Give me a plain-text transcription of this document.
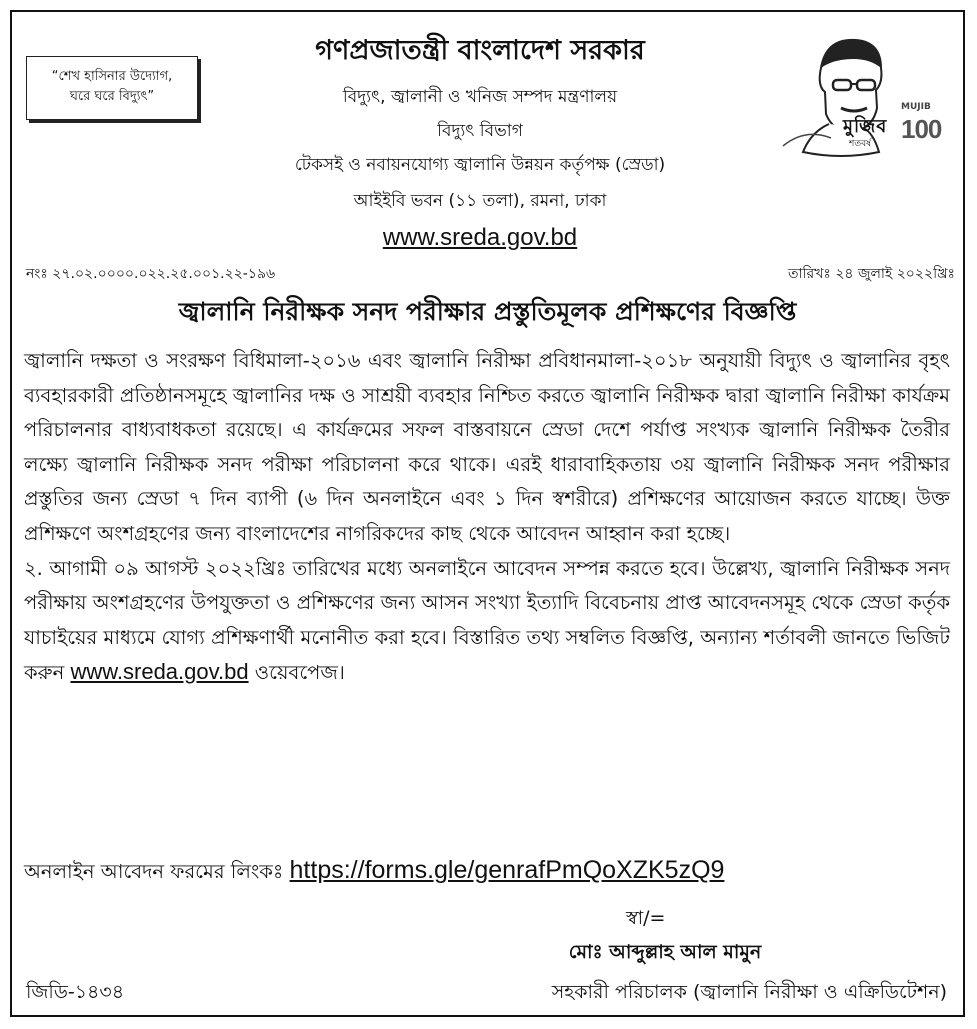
“শেখ হাসিনার উদ্যোগ,
ঘরে ঘরে বিদ্যুৎ”
মুজিব
শতবর্ষ
MUJIB
100
গণপ্রজাতন্ত্রী বাংলাদেশ সরকার
বিদ্যুৎ, জ্বালানী ও খনিজ সম্পদ মন্ত্রণালয়
বিদ্যুৎ বিভাগ
টেকসই ও নবায়নযোগ্য জ্বালানি উন্নয়ন কর্তৃপক্ষ (স্রেডা)
আইইবি ভবন (১১ তলা), রমনা, ঢাকা
www.sreda.gov.bd
নংঃ ২৭.০২.০০০০.০২২.২৫.০০১.২২-১৯৬	তারিখঃ ২৪ জুলাই ২০২২খ্রিঃ
জ্বালানি নিরীক্ষক সনদ পরীক্ষার প্রস্তুতিমূলক প্রশিক্ষণের বিজ্ঞপ্তি

জ্বালানি দক্ষতা ও সংরক্ষণ বিধিমালা-২০১৬ এবং জ্বালানি নিরীক্ষা প্রবিধানমালা-২০১৮ অনুযায়ী বিদ্যুৎ ও জ্বালানির বৃহৎ ব্যবহারকারী প্রতিষ্ঠানসমূহে জ্বালানির দক্ষ ও সাশ্রয়ী ব্যবহার নিশ্চিত করতে জ্বালানি নিরীক্ষক দ্বারা জ্বালানি নিরীক্ষা কার্যক্রম পরিচালনার বাধ্যবাধকতা রয়েছে। এ কার্যক্রমের সফল বাস্তবায়নে স্রেডা দেশে পর্যাপ্ত সংখ্যক জ্বালানি নিরীক্ষক তৈরীর লক্ষ্যে জ্বালানি নিরীক্ষক সনদ পরীক্ষা পরিচালনা করে থাকে। এরই ধারাবাহিকতায় ৩য় জ্বালানি নিরীক্ষক সনদ পরীক্ষার প্রস্তুতির জন্য স্রেডা ৭ দিন ব্যাপী (৬ দিন অনলাইনে এবং ১ দিন স্বশরীরে) প্রশিক্ষণের আয়োজন করতে যাচ্ছে। উক্ত প্রশিক্ষণে অংশগ্রহণের জন্য বাংলাদেশের নাগরিকদের কাছ থেকে আবেদন আহ্বান করা হচ্ছে।

২. আগামী ০৯ আগস্ট ২০২২খ্রিঃ তারিখের মধ্যে অনলাইনে আবেদন সম্পন্ন করতে হবে। উল্লেখ্য, জ্বালানি নিরীক্ষক সনদ পরীক্ষায় অংশগ্রহণের উপযুক্ততা ও প্রশিক্ষণের জন্য আসন সংখ্যা ইত্যাদি বিবেচনায় প্রাপ্ত আবেদনসমূহ থেকে স্রেডা কর্তৃক যাচাইয়ের মাধ্যমে যোগ্য প্রশিক্ষণার্থী মনোনীত করা হবে। বিস্তারিত তথ্য সম্বলিত বিজ্ঞপ্তি, অন্যান্য শর্তাবলী জানতে ভিজিট করুন www.sreda.gov.bd ওয়েবপেজ।

অনলাইন আবেদন ফরমের লিংকঃ https://forms.gle/genrafPmQoXZK5zQ9
স্বা/=
মোঃ আব্দুল্লাহ আল মামুন
জিডি-১৪৩৪	সহকারী পরিচালক (জ্বালানি নিরীক্ষা ও এক্রিডিটেশন)
